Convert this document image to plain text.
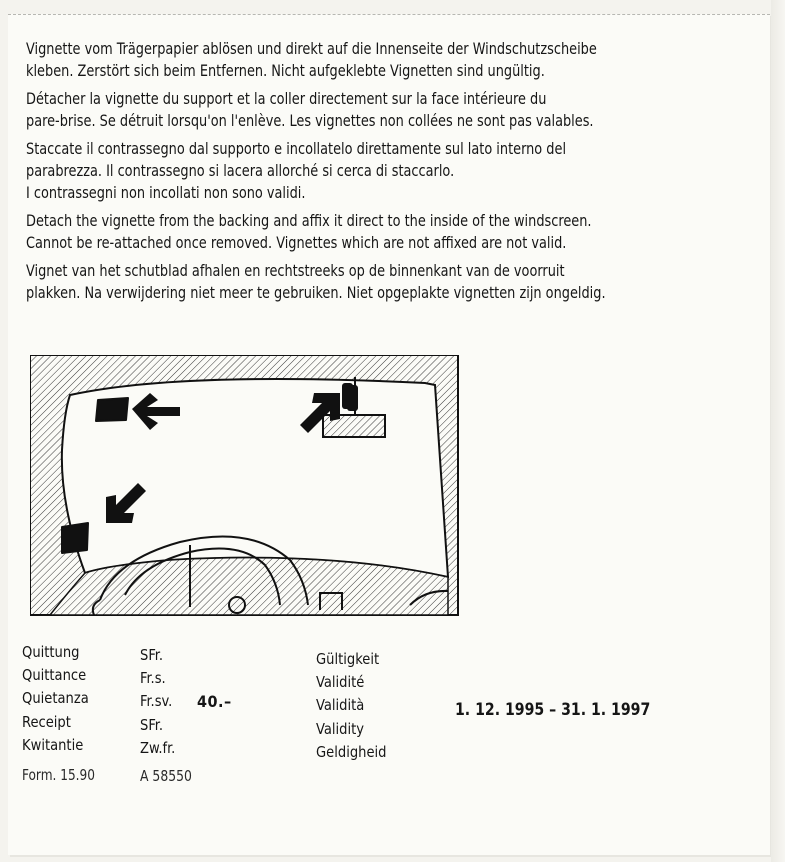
Vignette vom Trägerpapier ablösen und direkt auf die Innenseite der Windschutzscheibe
kleben. Zerstört sich beim Entfernen. Nicht aufgeklebte Vignetten sind ungültig.

Détacher la vignette du support et la coller directement sur la face intérieure du
pare-brise. Se détruit lorsqu'on l'enlève. Les vignettes non collées ne sont pas valables.

Staccate il contrassegno dal supporto e incollatelo direttamente sul lato interno del
parabrezza. Il contrassegno si lacera allorché si cerca di staccarlo.
I contrassegni non incollati non sono validi.

Detach the vignette from the backing and affix it direct to the inside of the windscreen.
Cannot be re-attached once removed. Vignettes which are not affixed are not valid.

Vignet van het schutblad afhalen en rechtstreeks op de binnenkant van de voorruit
plakken. Na verwijdering niet meer te gebruiken. Niet opgeplakte vignetten zijn ongeldig.

Quittung
Quittance
Quietanza
Receipt
Kwitantie
SFr.
Fr.s.
Fr.sv.
SFr.
Zw.fr.
40.–
Gültigkeit
Validité
Validità
Validity
Geldigheid
1. 12. 1995 – 31. 1. 1997
Form. 15.90	A 58550
